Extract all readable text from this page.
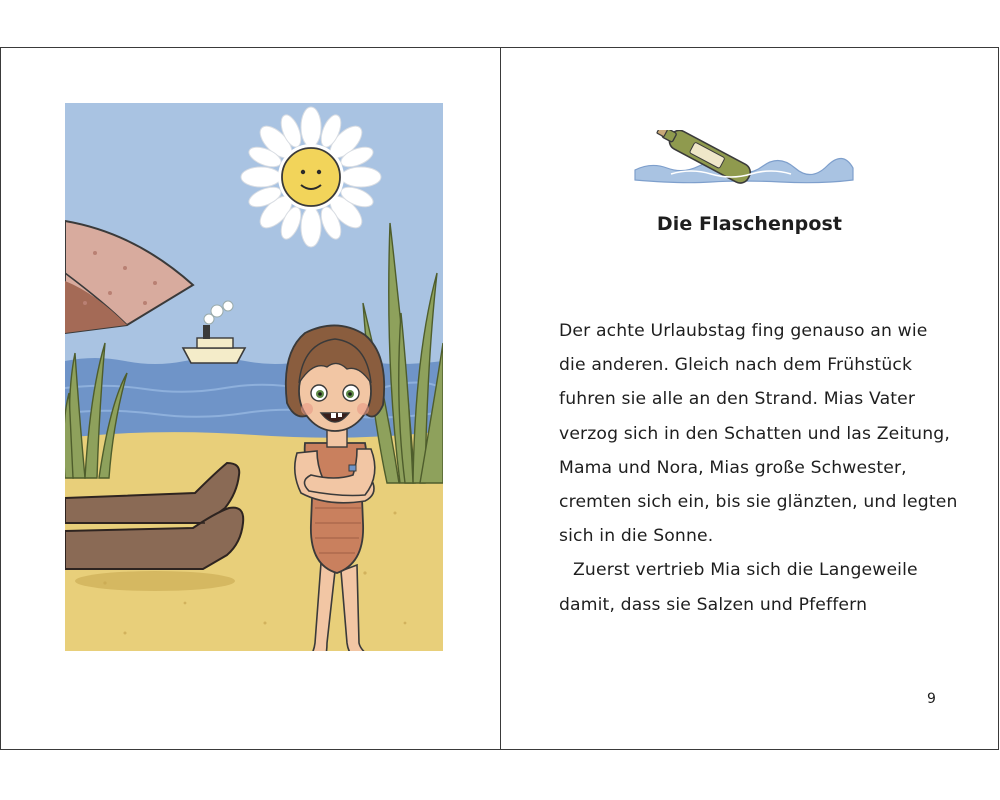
Die Flaschenpost

Der achte Urlaubstag fing genauso an wie die anderen. Gleich nach dem Frühstück fuhren sie alle an den Strand. Mias Vater verzog sich in den Schatten und las Zeitung, Mama und Nora, Mias große Schwester, cremten sich ein, bis sie glänzten, und legten sich in die Sonne.

Zuerst vertrieb Mia sich die Langeweile damit, dass sie Salzen und Pfeffern

9
